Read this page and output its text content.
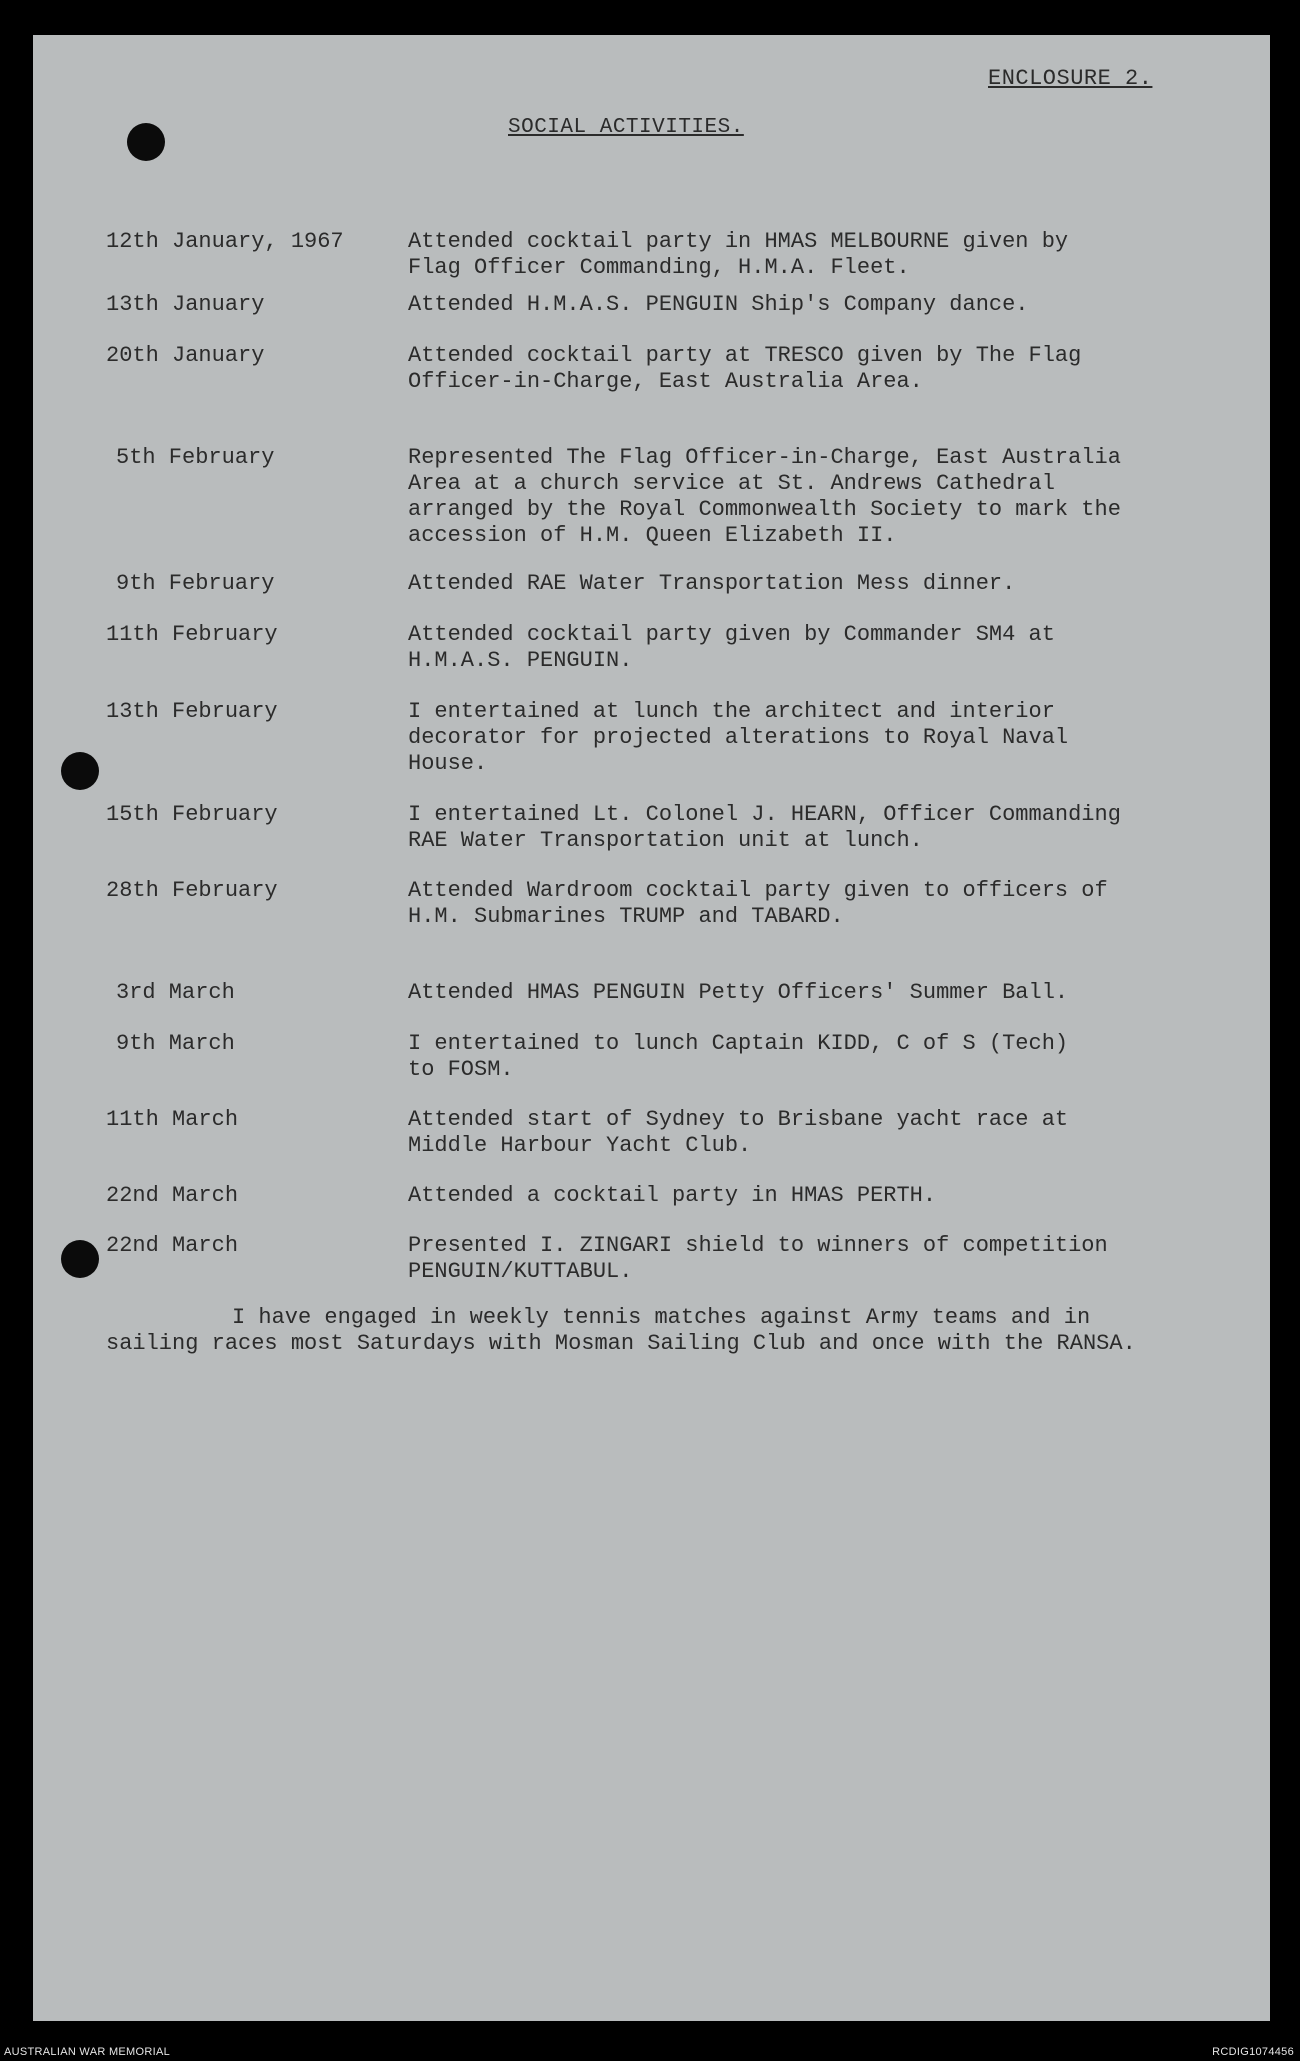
ENCLOSURE 2.
SOCIAL ACTIVITIES.
12th January, 1967	Attended cocktail party in HMAS MELBOURNE given by
Flag Officer Commanding, H.M.A. Fleet.
13th January	Attended H.M.A.S. PENGUIN Ship's Company dance.
20th January	Attended cocktail party at TRESCO given by The Flag
Officer-in-Charge, East Australia Area.
5th February	Represented The Flag Officer-in-Charge, East Australia
Area at a church service at St. Andrews Cathedral
arranged by the Royal Commonwealth Society to mark the
accession of H.M. Queen Elizabeth II.
9th February	Attended RAE Water Transportation Mess dinner.
11th February	Attended cocktail party given by Commander SM4 at
H.M.A.S. PENGUIN.
13th February	I entertained at lunch the architect and interior
decorator for projected alterations to Royal Naval
House.
15th February	I entertained Lt. Colonel J. HEARN, Officer Commanding
RAE Water Transportation unit at lunch.
28th February	Attended Wardroom cocktail party given to officers of
H.M. Submarines TRUMP and TABARD.
3rd March	Attended HMAS PENGUIN Petty Officers' Summer Ball.
9th March	I entertained to lunch Captain KIDD, C of S (Tech)
to FOSM.
11th March	Attended start of Sydney to Brisbane yacht race at
Middle Harbour Yacht Club.
22nd March	Attended a cocktail party in HMAS PERTH.
22nd March	Presented I. ZINGARI shield to winners of competition
PENGUIN/KUTTABUL.
I have engaged in weekly tennis matches against Army teams and in sailing races most Saturdays with Mosman Sailing Club and once with the RANSA.
AUSTRALIAN WAR MEMORIAL	RCDIG1074456
